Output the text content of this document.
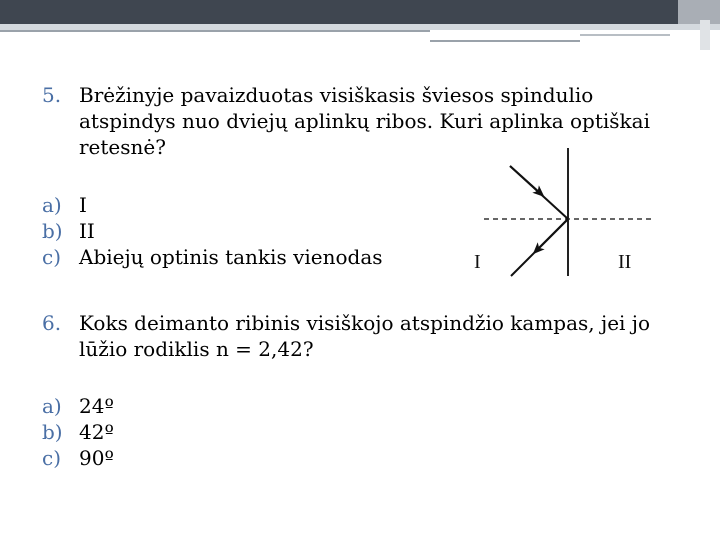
5. Brėžinyje pavaizduotas visiškasis šviesos spindulio atspindys nuo dviejų aplinkų ribos. Kuri aplinka optiškai retesnė?
a) I
b) II
c) Abiejų optinis tankis vienodas	I	II
6. Koks deimanto ribinis visiškojo atspindžio kampas, jei jo lūžio rodiklis n = 2,42?
a) 24º
b) 42º
c) 90º
